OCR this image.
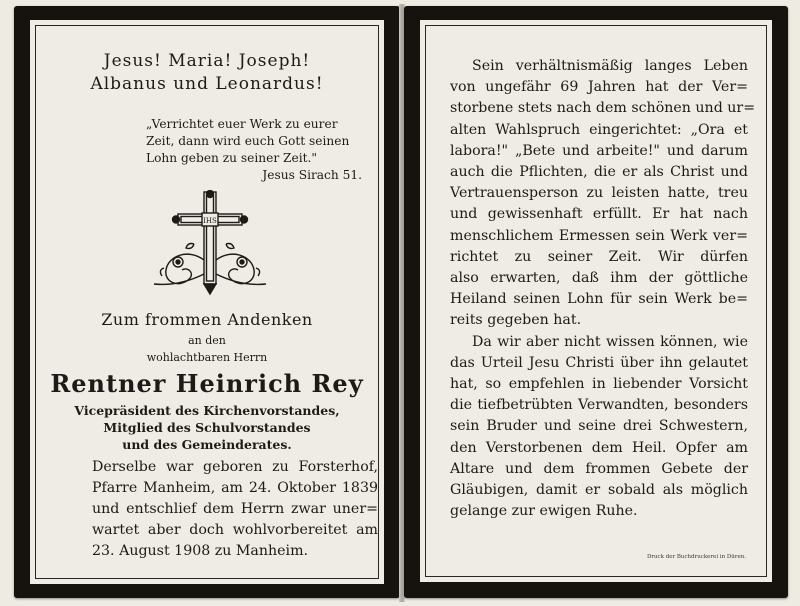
Jesus! Maria! Joseph!
Albanus und Leonardus!
„Verrichtet euer Werk zu eurer
Zeit, dann wird euch Gott seinen
Lohn geben zu seiner Zeit."
Jesus Sirach 51.
IHS
Zum frommen Andenken
an den
wohlachtbaren Herrn
Rentner Heinrich Rey
Vicepräsident des Kirchenvorstandes,
Mitglied des Schulvorstandes
und des Gemeinderates.
Derselbe war geboren zu Forsterhof,
Pfarre Manheim, am 24. Oktober 1839
und entschlief dem Herrn zwar uner=
wartet aber doch wohlvorbereitet am
23. August 1908 zu Manheim.
Sein verhältnismäßig langes Leben
von ungefähr 69 Jahren hat der Ver=
storbene stets nach dem schönen und ur=
alten Wahlspruch eingerichtet: „Ora et
labora!" „Bete und arbeite!" und darum
auch die Pflichten, die er als Christ und
Vertrauensperson zu leisten hatte, treu
und gewissenhaft erfüllt. Er hat nach
menschlichem Ermessen sein Werk ver=
richtet zu seiner Zeit. Wir dürfen
also erwarten, daß ihm der göttliche
Heiland seinen Lohn für sein Werk be=
reits gegeben hat.
Da wir aber nicht wissen können, wie
das Urteil Jesu Christi über ihn gelautet
hat, so empfehlen in liebender Vorsicht
die tiefbetrübten Verwandten, besonders
sein Bruder und seine drei Schwestern,
den Verstorbenen dem Heil. Opfer am
Altare und dem frommen Gebete der
Gläubigen, damit er sobald als möglich
gelange zur ewigen Ruhe.
Druck der Buchdruckerei in Düren.
